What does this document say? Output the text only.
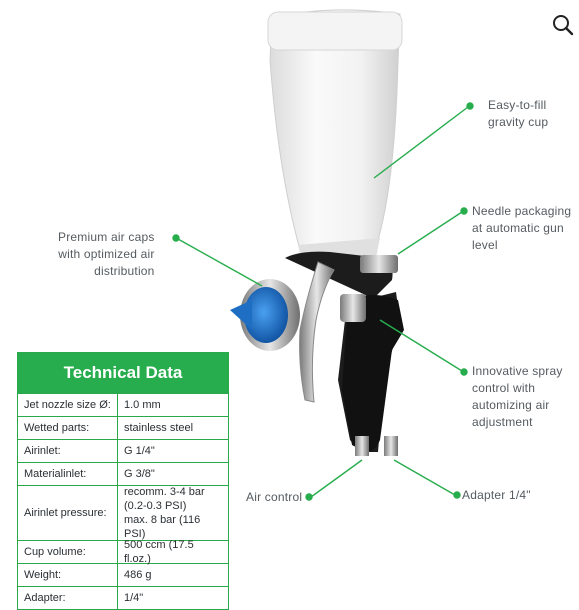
Easy-to-fill
gravity cup
Premium air caps
with optimized air
distribution
Needle packaging
at automatic gun
level
Innovative spray
control with
automizing air
adjustment
Air control	Adapter 1/4"
Technical Data
Jet nozzle size Ø:	1.0 mm
Wetted parts:	stainless steel
Airinlet:	G 1/4"
Materialinlet:	G 3/8"
Airinlet pressure:
recomm. 3-4 bar
(0.2-0.3 PSI)
max. 8 bar (116 PSI)
Cup volume:
500 ccm (17.5 fl.oz.)
Weight:	486 g
Adapter:	1/4"
